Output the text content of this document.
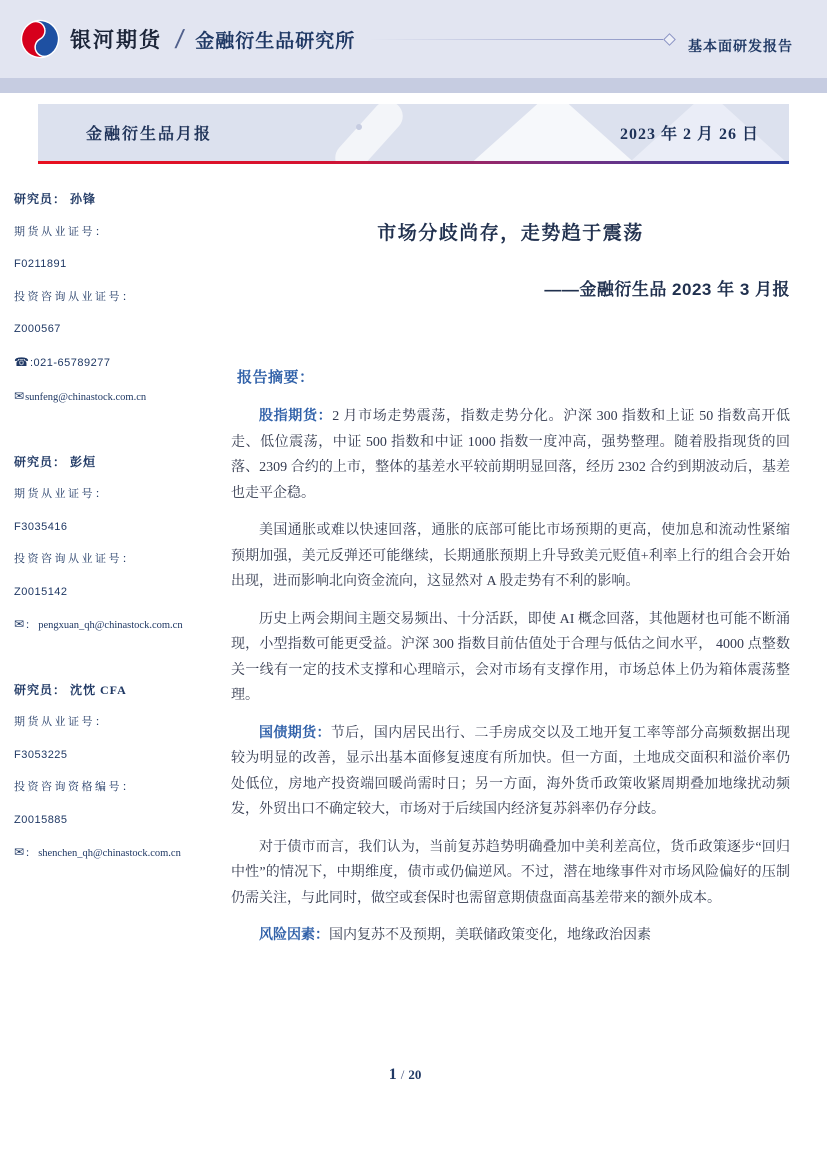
银河期货 / 金融衍生品研究所	基本面研发报告
金融衍生品月报	2023 年 2 月 26 日
研究员： 孙锋
期货从业证号：
F0211891
投资咨询从业证号：
Z000567
☎:021-65789277
✉sunfeng@chinastock.com.cn
研究员： 彭烜
期货从业证号：
F3035416
投资咨询从业证号：
Z0015142
✉： pengxuan_qh@chinastock.com.cn
研究员： 沈忱 CFA
期货从业证号：
F3053225
投资咨询资格编号：
Z0015885
✉： shenchen_qh@chinastock.com.cn
市场分歧尚存，走势趋于震荡
——金融衍生品 2023 年 3 月报
报告摘要：

股指期货：2 月市场走势震荡，指数走势分化。沪深 300 指数和上证 50 指数高开低走、低位震荡，中证 500 指数和中证 1000 指数一度冲高，强势整理。随着股指现货的回落、2309 合约的上市，整体的基差水平较前期明显回落，经历 2302 合约到期波动后，基差也走平企稳。

美国通胀或难以快速回落，通胀的底部可能比市场预期的更高，使加息和流动性紧缩预期加强，美元反弹还可能继续，长期通胀预期上升导致美元贬值+利率上行的组合会开始出现，进而影响北向资金流向，这显然对 A 股走势有不利的影响。

历史上两会期间主题交易频出、十分活跃，即使 AI 概念回落，其他题材也可能不断涌现，小型指数可能更受益。沪深 300 指数目前估值处于合理与低估之间水平， 4000 点整数关一线有一定的技术支撑和心理暗示，会对市场有支撑作用，市场总体上仍为箱体震荡整理。

国债期货：节后，国内居民出行、二手房成交以及工地开复工率等部分高频数据出现较为明显的改善，显示出基本面修复速度有所加快。但一方面，土地成交面积和溢价率仍处低位，房地产投资端回暖尚需时日；另一方面，海外货币政策收紧周期叠加地缘扰动频发，外贸出口不确定较大，市场对于后续国内经济复苏斜率仍存分歧。

对于债市而言，我们认为，当前复苏趋势明确叠加中美利差高位，货币政策逐步“回归中性”的情况下，中期维度，债市或仍偏逆风。不过，潜在地缘事件对市场风险偏好的压制仍需关注，与此同时，做空或套保时也需留意期债盘面高基差带来的额外成本。

风险因素：国内复苏不及预期，美联储政策变化，地缘政治因素

1 / 20
